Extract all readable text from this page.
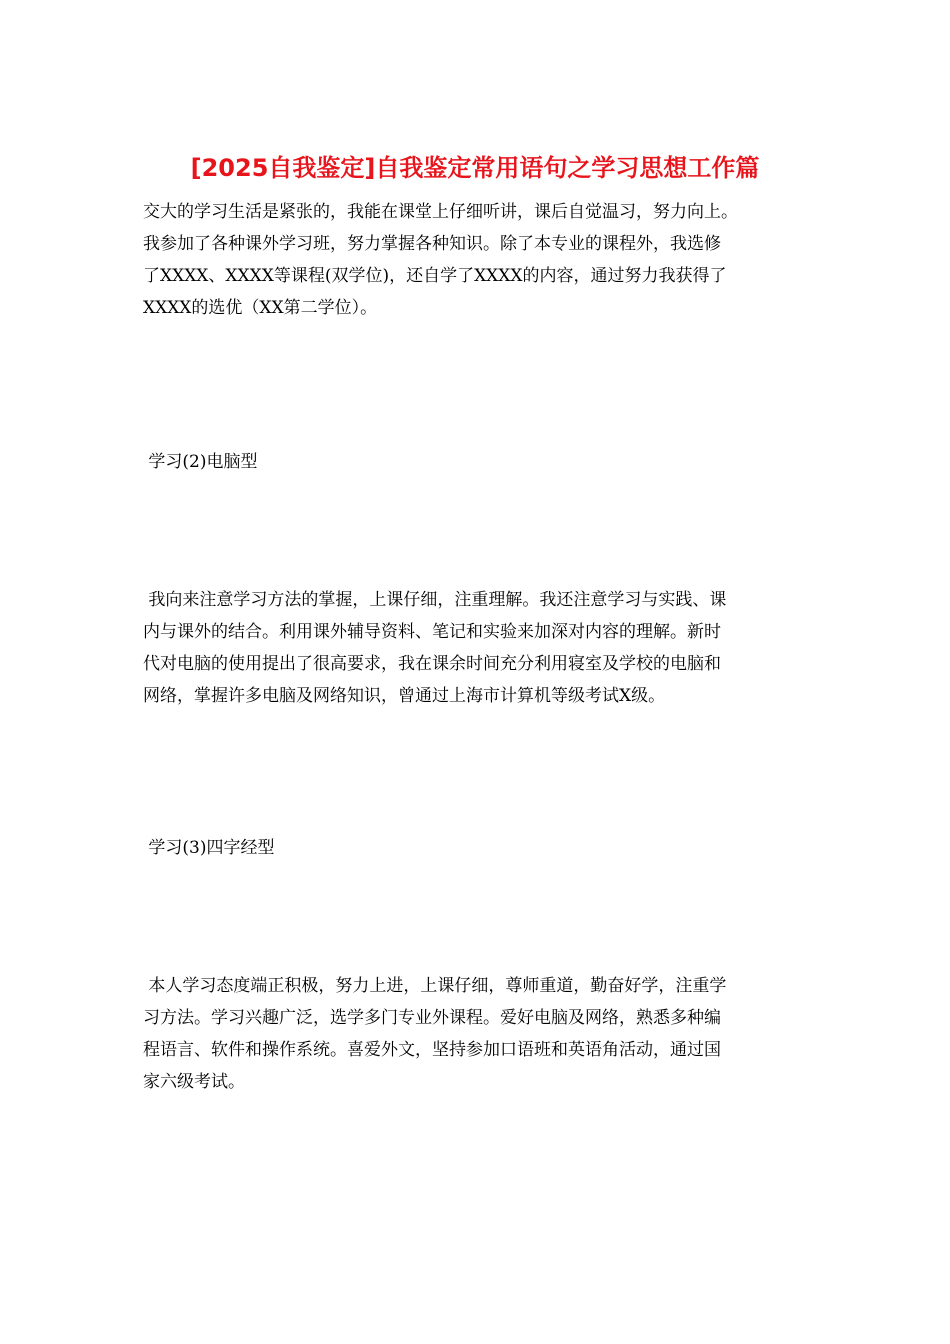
[2025自我鉴定]自我鉴定常用语句之学习思想工作篇
交大的学习生活是紧张的，我能在课堂上仔细听讲，课后自觉温习，努力向上。
我参加了各种课外学习班，努力掌握各种知识。除了本专业的课程外，我选修
了XXXX、XXXX等课程(双学位)，还自学了XXXX的内容，通过努力我获得了
XXXX的选优（XX第二学位）。
学习(2)电脑型
我向来注意学习方法的掌握，上课仔细，注重理解。我还注意学习与实践、课
内与课外的结合。利用课外辅导资料、笔记和实验来加深对内容的理解。新时
代对电脑的使用提出了很高要求，我在课余时间充分利用寝室及学校的电脑和
网络，掌握许多电脑及网络知识，曾通过上海市计算机等级考试X级。
学习(3)四字经型
本人学习态度端正积极，努力上进，上课仔细，尊师重道，勤奋好学，注重学
习方法。学习兴趣广泛，选学多门专业外课程。爱好电脑及网络，熟悉多种编
程语言、软件和操作系统。喜爱外文，坚持参加口语班和英语角活动，通过国
家六级考试。
